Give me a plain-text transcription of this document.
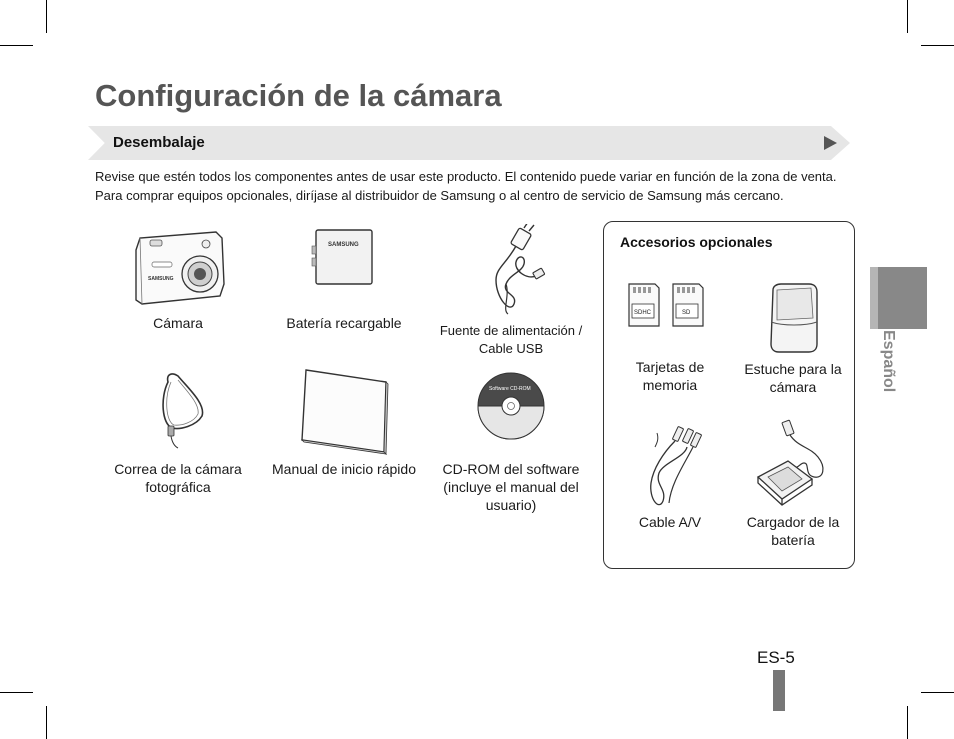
Configuración de la cámara
Desembalaje

Revise que estén todos los componentes antes de usar este producto. El contenido puede variar en función de la zona de venta. Para comprar equipos opcionales, diríjase al distribuidor de Samsung o al centro de servicio de Samsung más cercano.

SAMSUNG
Cámara
SAMSUNG
Batería recargable	Fuente de alimentación / Cable USB
Correa de la cámara fotográfica
Manual de inicio rápido
Software CD-ROM
CD-ROM del software (incluye el manual del usuario)
Accesorios opcionales
SDHC	SD
Tarjetas de memoria
Estuche para la cámara
Cable A/V	Cargador de la batería
Español
ES-5
